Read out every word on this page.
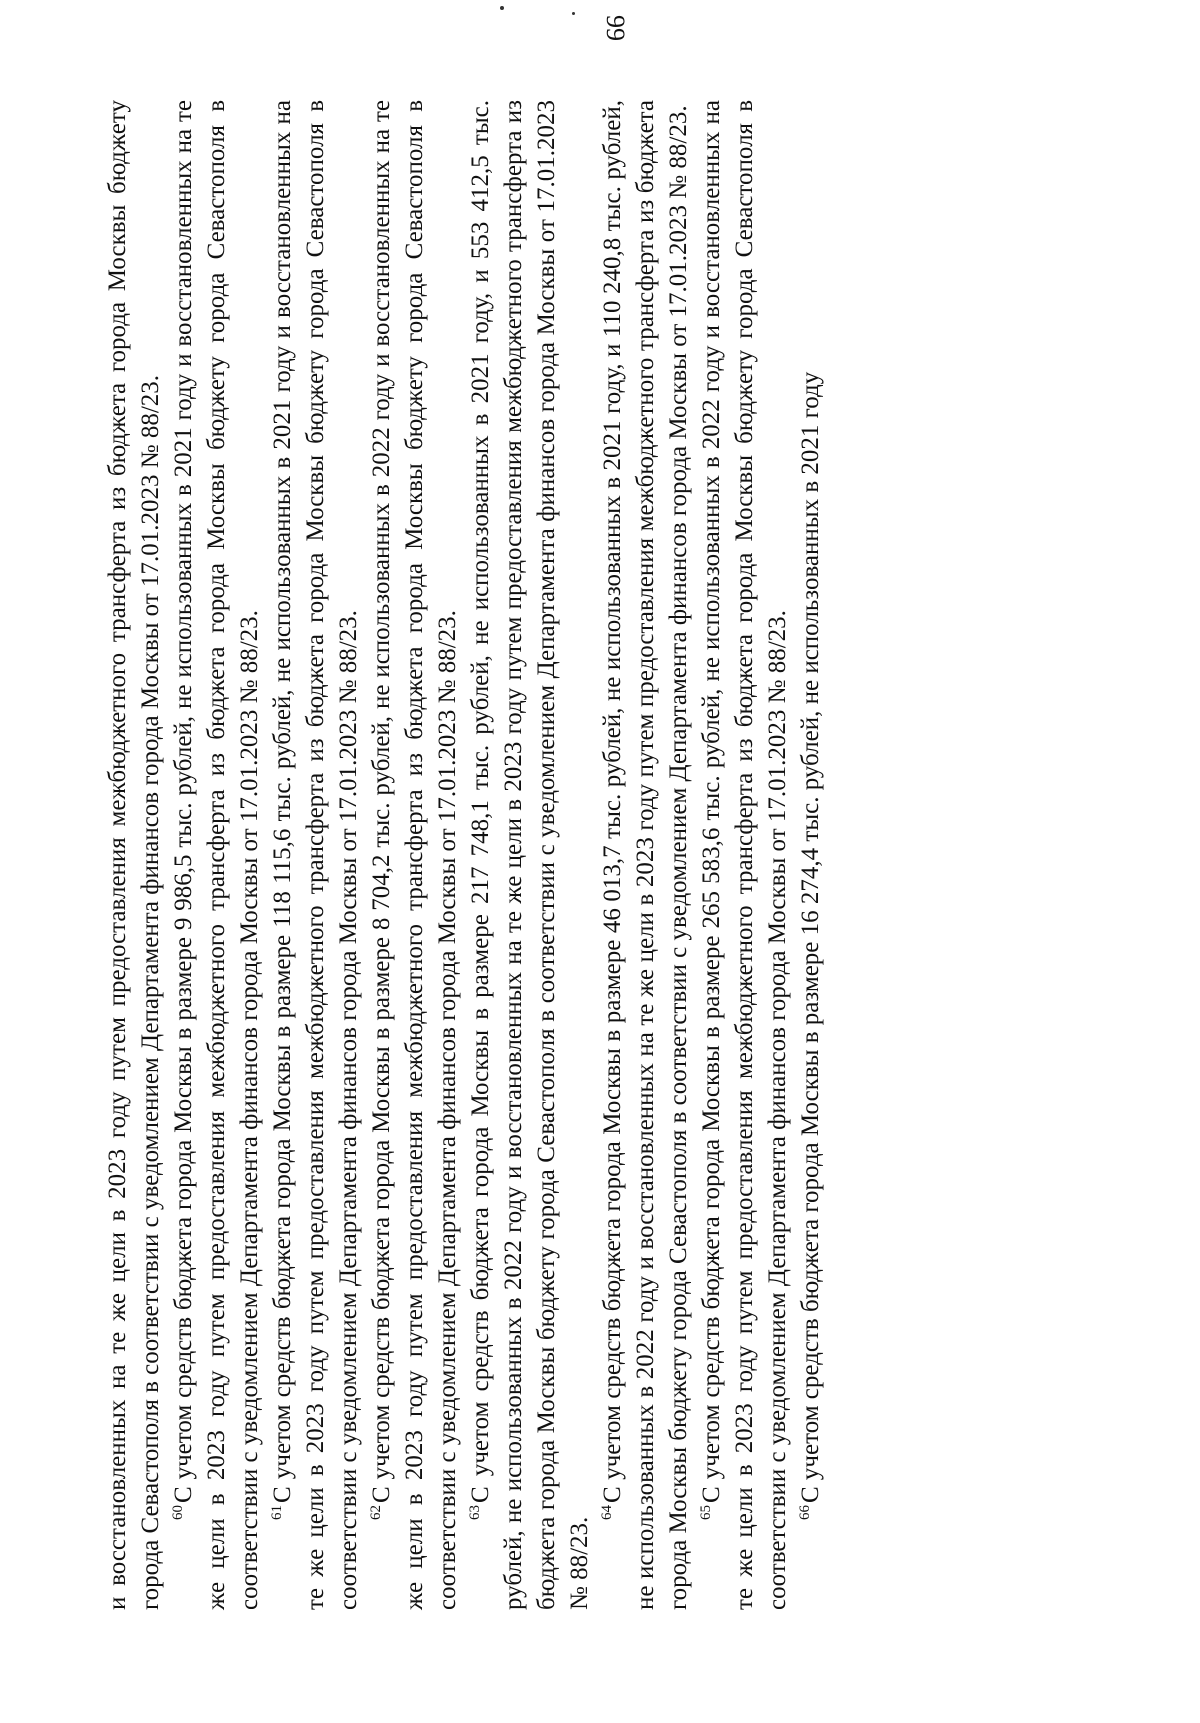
99

и восстановленных на те же цели в 2023 году путем предоставления межбюджетного трансферта из бюджета города Москвы бюджету города Севастополя в соответствии с уведомлением Департамента финансов города Москвы от 17.01.2023 № 88/23. $^{60}$С учетом средств бюджета города Москвы в размере 9 986,5 тыс. рублей, не использованных в 2021 году и восстановленных на те же цели в 2023 году путем предоставления межбюджетного трансферта из бюджета города Москвы бюджету города Севастополя в соответствии с уведомлением Департамента финансов города Москвы от 17.01.2023 № 88/23. $^{61}$С учетом средств бюджета города Москвы в размере 118 115,6 тыс. рублей, не использованных в 2021 году и восстановленных на те же цели в 2023 году путем предоставления межбюджетного трансферта из бюджета города Москвы бюджету города Севастополя в соответствии с уведомлением Департамента финансов города Москвы от 17.01.2023 № 88/23. $^{62}$С учетом средств бюджета города Москвы в размере 8 704,2 тыс. рублей, не использованных в 2022 году и восстановленных на те же цели в 2023 году путем предоставления межбюджетного трансферта из бюджета города Москвы бюджету города Севастополя в соответствии с уведомлением Департамента финансов города Москвы от 17.01.2023 № 88/23. $^{63}$С учетом средств бюджета города Москвы в размере 217 748,1 тыс. рублей, не использованных в 2021 году, и 553 412,5 тыс. рублей, не использованных в 2022 году и восстановленных на те же цели в 2023 году путем предоставления межбюджетного трансферта из бюджета города Москвы бюджету города Севастополя в соответствии с уведомлением Департамента финансов города Москвы от 17.01.2023 № 88/23.

$^{64}$С учетом средств бюджета города Москвы в размере 46 013,7 тыс. рублей, не использованных в 2021 году, и 110 240,8 тыс. рублей, не использованных в 2022 году и восстановленных на те же цели в 2023 году путем предоставления межбюджетного трансферта из бюджета города Москвы бюджету города Севастополя в соответствии с уведомлением Департамента финансов города Москвы от 17.01.2023 № 88/23. $^{65}$С учетом средств бюджета города Москвы в размере 265 583,6 тыс. рублей, не использованных в 2022 году и восстановленных на те же цели в 2023 году путем предоставления межбюджетного трансферта из бюджета города Москвы бюджету города Севастополя в соответствии с уведомлением Департамента финансов города Москвы от 17.01.2023 № 88/23. $^{66}$С учетом средств бюджета города Москвы в размере 16 274,4 тыс. рублей, не использованных в 2021 году
